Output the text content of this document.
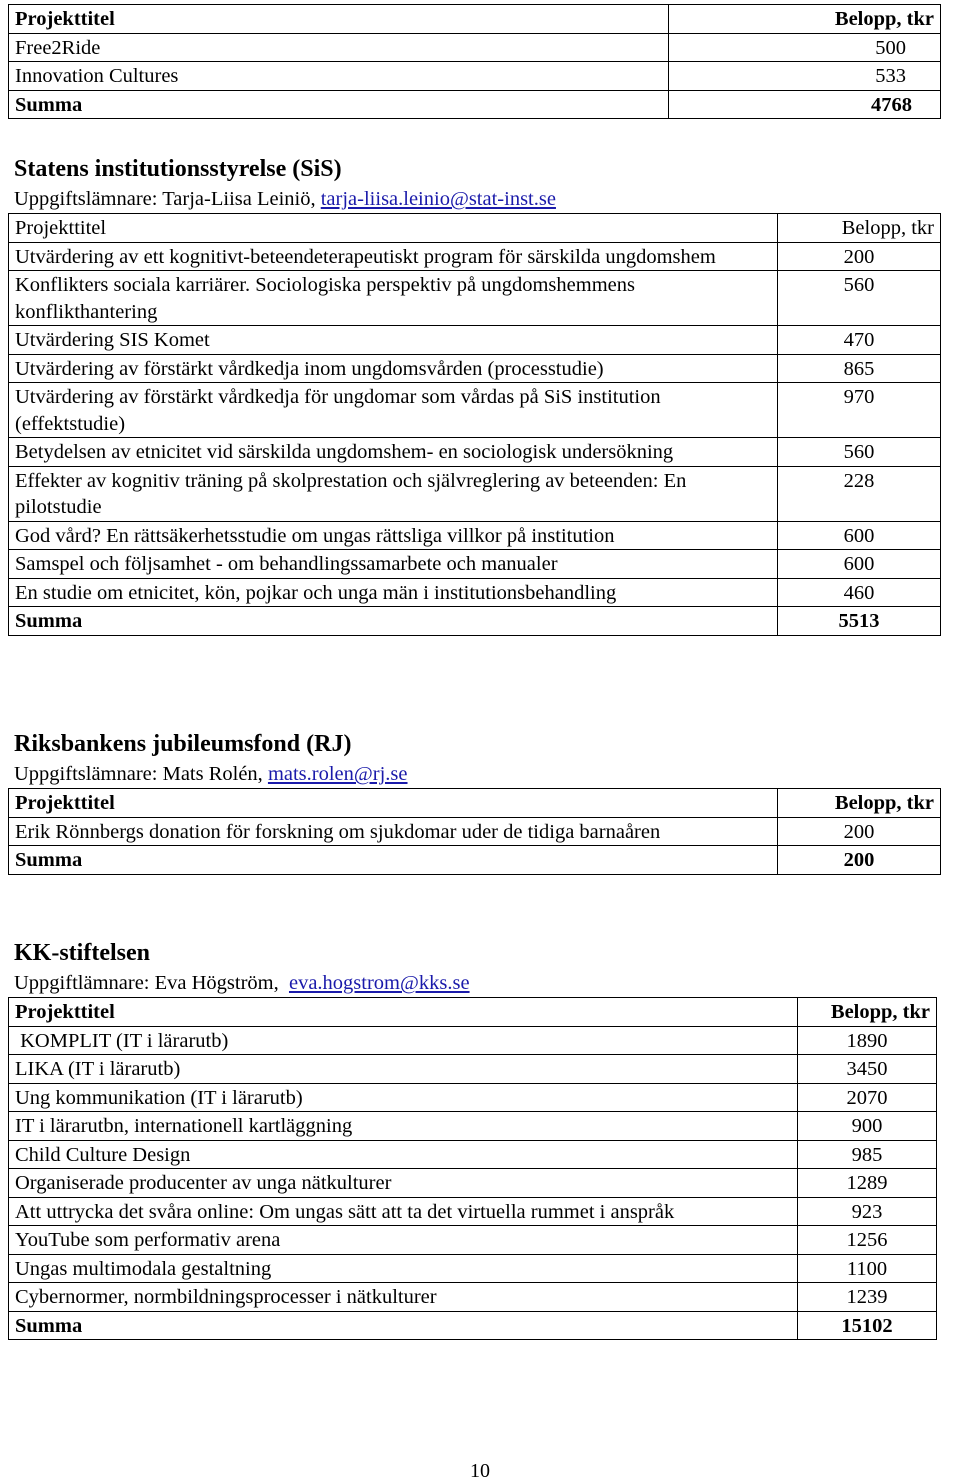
Projekttitel	Belopp, tkr
Free2Ride	500
Innovation Cultures	533
Summa	4768
Statens institutionsstyrelse (SiS)

Uppgiftslämnare: Tarja-Liisa Leiniö, tarja-liisa.leinio@stat-inst.se

Projekttitel	Belopp, tkr
Utvärdering av ett kognitivt-beteendeterapeutiskt program för särskilda ungdomshem	200
Konflikters sociala karriärer. Sociologiska perspektiv på ungdomshemmens konflikthantering	560
Utvärdering SIS Komet	470
Utvärdering av förstärkt vårdkedja inom ungdomsvården (processtudie)	865
Utvärdering av förstärkt vårdkedja för ungdomar som vårdas på SiS institution (effektstudie)	970
Betydelsen av etnicitet vid särskilda ungdomshem- en sociologisk undersökning	560
Effekter av kognitiv träning på skolprestation och självreglering av beteenden: En pilotstudie	228
God vård? En rättsäkerhetsstudie om ungas rättsliga villkor på institution	600
Samspel och följsamhet - om behandlingssamarbete och manualer	600
En studie om etnicitet, kön, pojkar och unga män i institutionsbehandling	460
Summa	5513
Riksbankens jubileumsfond (RJ)

Uppgiftslämnare: Mats Rolén, mats.rolen@rj.se

Projekttitel	Belopp, tkr
Erik Rönnbergs donation för forskning om sjukdomar uder de tidiga barnaåren	200
Summa	200
KK-stiftelsen

Uppgiftlämnare: Eva Högström,  eva.hogstrom@kks.se

Projekttitel	Belopp, tkr
KOMPLIT (IT i lärarutb)	1890
LIKA (IT i lärarutb)	3450
Ung kommunikation (IT i lärarutb)	2070
IT i lärarutbn, internationell kartläggning	900
Child Culture Design	985
Organiserade producenter av unga nätkulturer	1289
Att uttrycka det svåra online: Om ungas sätt att ta det virtuella rummet i anspråk	923
YouTube som performativ arena	1256
Ungas multimodala gestaltning	1100
Cybernormer, normbildningsprocesser i nätkulturer	1239
Summa	15102
10
